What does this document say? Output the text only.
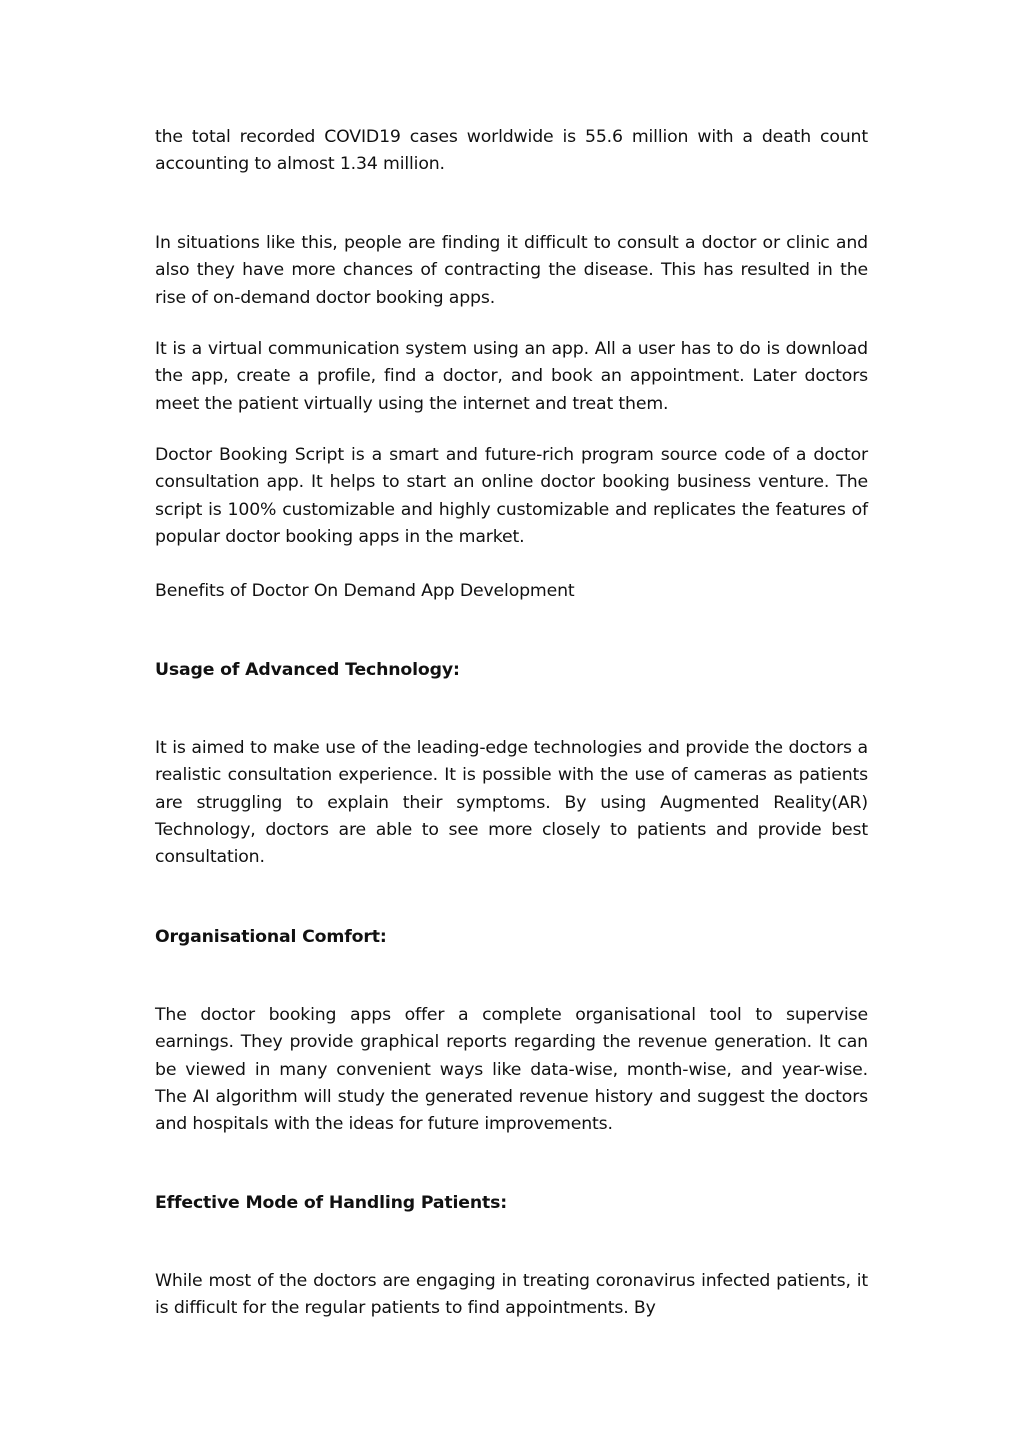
the total recorded COVID19 cases worldwide is 55.6 million with a death count accounting to almost 1.34 million.

In situations like this, people are finding it difficult to consult a doctor or clinic and also they have more chances of contracting the disease. This has resulted in the rise of on-demand doctor booking apps.

It is a virtual communication system using an app. All a user has to do is download the app, create a profile, find a doctor, and book an appointment. Later doctors meet the patient virtually using the internet and treat them.

Doctor Booking Script is a smart and future-rich program source code of a doctor consultation app. It helps to start an online doctor booking business venture. The script is 100% customizable and highly customizable and replicates the features of popular doctor booking apps in the market.

Benefits of Doctor On Demand App Development

Usage of Advanced Technology:

It is aimed to make use of the leading-edge technologies and provide the doctors a realistic consultation experience. It is possible with the use of cameras as patients are struggling to explain their symptoms. By using Augmented Reality(AR) Technology, doctors are able to see more closely to patients and provide best consultation.

Organisational Comfort:

The doctor booking apps offer a complete organisational tool to supervise earnings. They provide graphical reports regarding the revenue generation. It can be viewed in many convenient ways like data-wise, month-wise, and year-wise. The AI algorithm will study the generated revenue history and suggest the doctors and hospitals with the ideas for future improvements.

Effective Mode of Handling Patients:

While most of the doctors are engaging in treating coronavirus infected patients, it is difficult for the regular patients to find appointments. By
